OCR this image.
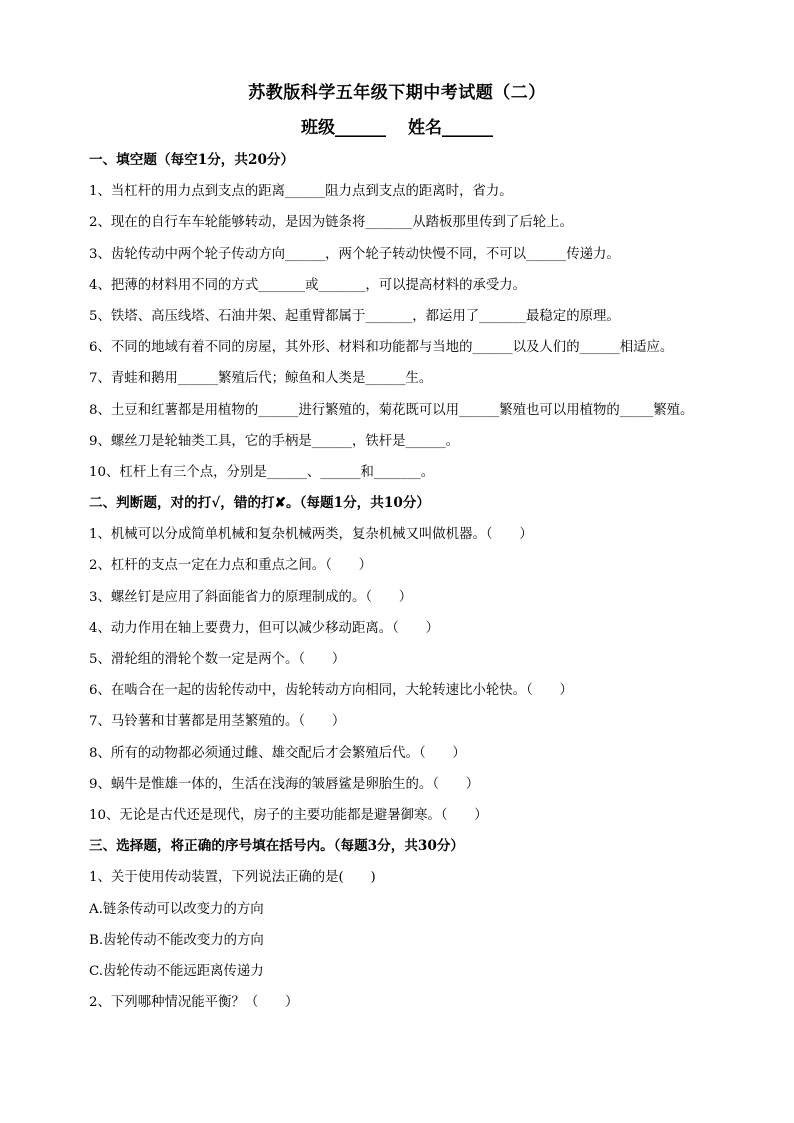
苏教版科学五年级下期中考试题（二）
班级______ 姓名______
一、填空题（每空1分，共20分）
1、当杠杆的用力点到支点的距离______阻力点到支点的距离时，省力。
2、现在的自行车车轮能够转动，是因为链条将_______从踏板那里传到了后轮上。
3、齿轮传动中两个轮子传动方向______，两个轮子转动快慢不同，不可以______传递力。
4、把薄的材料用不同的方式_______或_______，可以提高材料的承受力。
5、铁塔、高压线塔、石油井架、起重臂都属于_______，都运用了_______最稳定的原理。
6、不同的地域有着不同的房屋，其外形、材料和功能都与当地的______以及人们的______相适应。
7、青蛙和鹅用______繁殖后代；鲸鱼和人类是______生。
8、土豆和红薯都是用植物的______进行繁殖的，菊花既可以用______繁殖也可以用植物的_____繁殖。
9、螺丝刀是轮轴类工具，它的手柄是______，铁杆是______。
10、杠杆上有三个点，分别是______、______和_______。
二、判断题，对的打√，错的打✘。（每题1分，共10分）
1、机械可以分成简单机械和复杂机械两类，复杂机械又叫做机器。（　　）
2、杠杆的支点一定在力点和重点之间。（　　）
3、螺丝钉是应用了斜面能省力的原理制成的。（　　）
4、动力作用在轴上要费力，但可以减少移动距离。（　　）
5、滑轮组的滑轮个数一定是两个。（　　）
6、在啮合在一起的齿轮传动中，齿轮转动方向相同，大轮转速比小轮快。（　　）
7、马铃薯和甘薯都是用茎繁殖的。（　　）
8、所有的动物都必须通过雌、雄交配后才会繁殖后代。（　　）
9、蜗牛是惟雄一体的，生活在浅海的皱唇鲨是卵胎生的。（　　）
10、无论是古代还是现代，房子的主要功能都是避暑御寒。（　　）
三、选择题，将正确的序号填在括号内。（每题3分，共30分）
1、关于使用传动装置，下列说法正确的是(　　)
A.链条传动可以改变力的方向
B.齿轮传动不能改变力的方向
C.齿轮传动不能远距离传递力
2、下列哪种情况能平衡？（　　）
